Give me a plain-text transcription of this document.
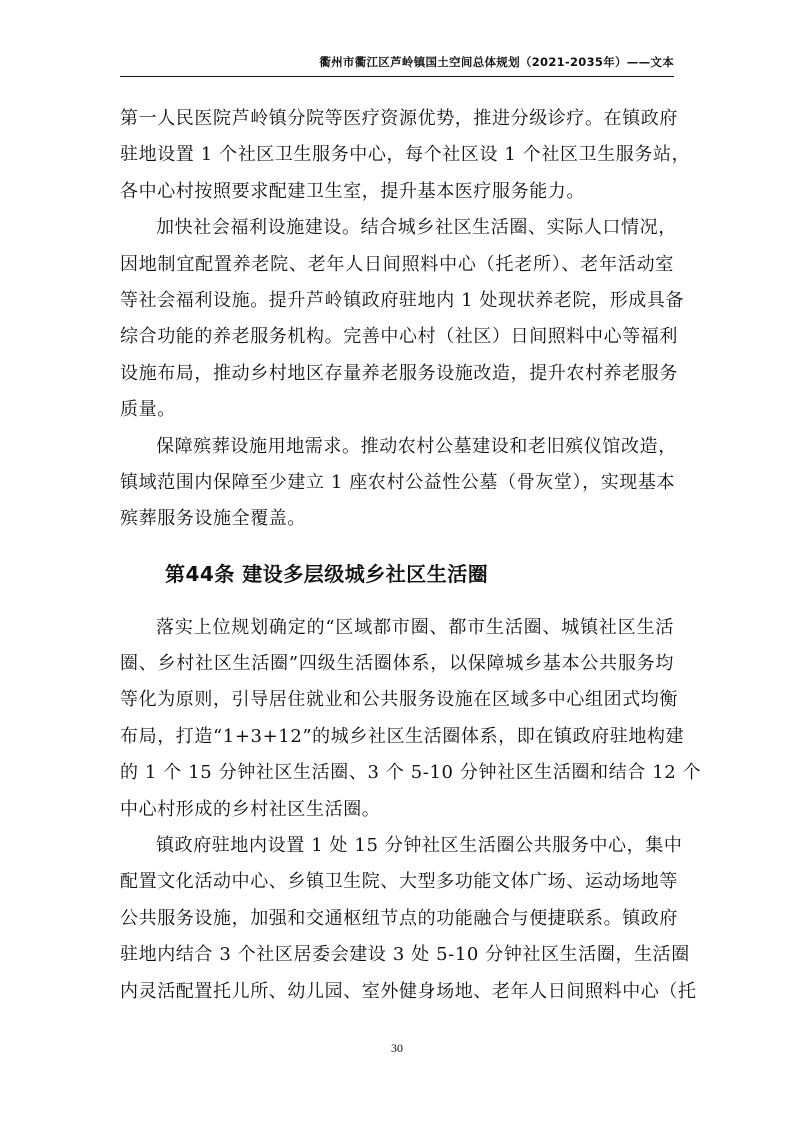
衢州市衢江区芦岭镇国土空间总体规划（2021-2035年）——文本
第一人民医院芦岭镇分院等医疗资源优势，推进分级诊疗。在镇政府
驻地设置 1 个社区卫生服务中心，每个社区设 1 个社区卫生服务站，
各中心村按照要求配建卫生室，提升基本医疗服务能力。
加快社会福利设施建设。结合城乡社区生活圈、实际人口情况，
因地制宜配置养老院、老年人日间照料中心（托老所）、老年活动室
等社会福利设施。提升芦岭镇政府驻地内 1 处现状养老院，形成具备
综合功能的养老服务机构。完善中心村（社区）日间照料中心等福利
设施布局，推动乡村地区存量养老服务设施改造，提升农村养老服务
质量。
保障殡葬设施用地需求。推动农村公墓建设和老旧殡仪馆改造，
镇域范围内保障至少建立 1 座农村公益性公墓（骨灰堂），实现基本
殡葬服务设施全覆盖。
第44条 建设多层级城乡社区生活圈
落实上位规划确定的“区域都市圈、都市生活圈、城镇社区生活
圈、乡村社区生活圈”四级生活圈体系，以保障城乡基本公共服务均
等化为原则，引导居住就业和公共服务设施在区域多中心组团式均衡
布局，打造“1+3+12”的城乡社区生活圈体系，即在镇政府驻地构建
的 1 个 15 分钟社区生活圈、3 个 5-10 分钟社区生活圈和结合 12 个
中心村形成的乡村社区生活圈。
镇政府驻地内设置 1 处 15 分钟社区生活圈公共服务中心，集中
配置文化活动中心、乡镇卫生院、大型多功能文体广场、运动场地等
公共服务设施，加强和交通枢纽节点的功能融合与便捷联系。镇政府
驻地内结合 3 个社区居委会建设 3 处 5-10 分钟社区生活圈，生活圈
内灵活配置托儿所、幼儿园、室外健身场地、老年人日间照料中心（托
30
